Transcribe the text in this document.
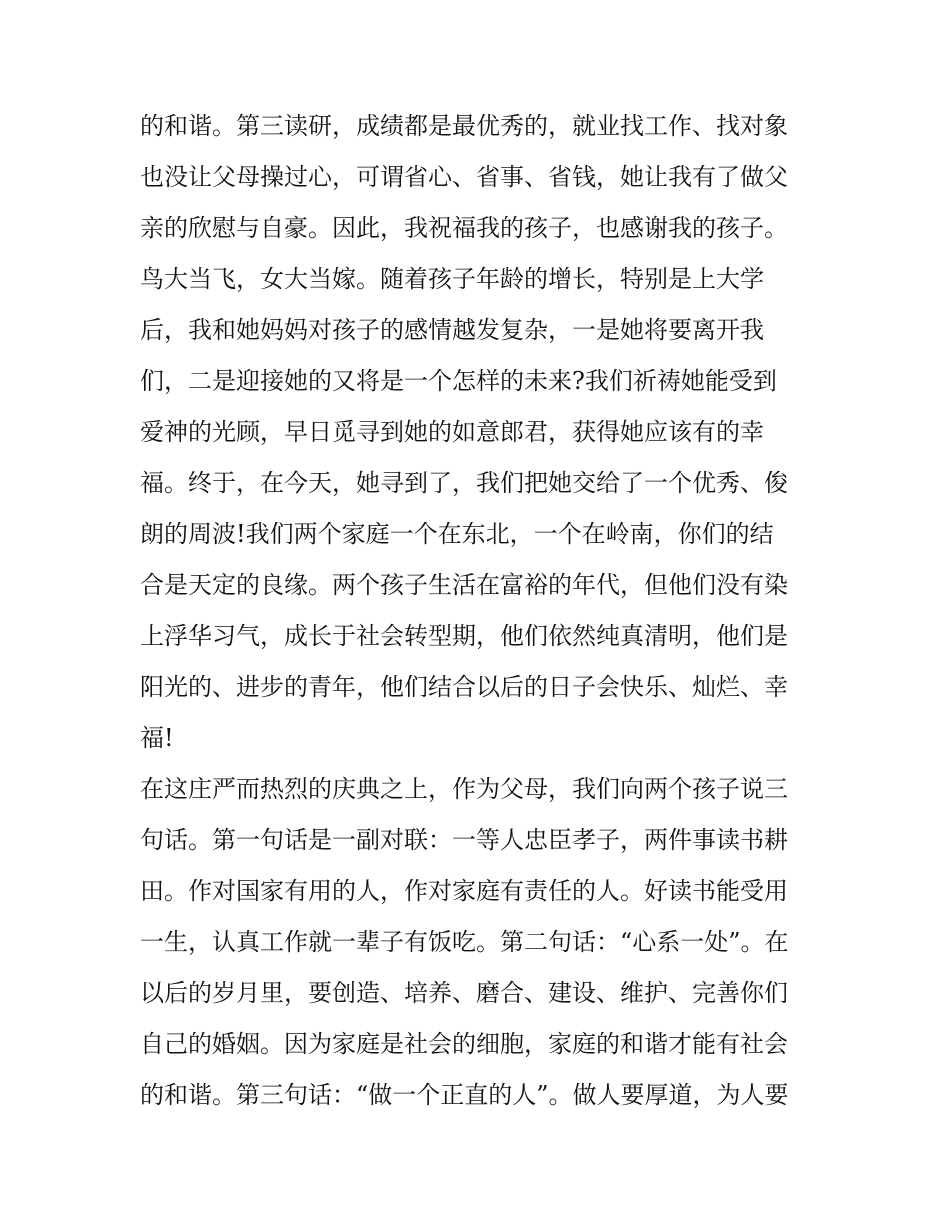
的和谐。第三读研，成绩都是最优秀的，就业找工作、找对象
也没让父母操过心，可谓省心、省事、省钱，她让我有了做父
亲的欣慰与自豪。因此，我祝福我的孩子，也感谢我的孩子。
鸟大当飞，女大当嫁。随着孩子年龄的增长，特别是上大学
后，我和她妈妈对孩子的感情越发复杂，一是她将要离开我
们，二是迎接她的又将是一个怎样的未来?我们祈祷她能受到
爱神的光顾，早日觅寻到她的如意郎君，获得她应该有的幸
福。终于，在今天，她寻到了，我们把她交给了一个优秀、俊
朗的周波!我们两个家庭一个在东北，一个在岭南，你们的结
合是天定的良缘。两个孩子生活在富裕的年代，但他们没有染
上浮华习气，成长于社会转型期，他们依然纯真清明，他们是
阳光的、进步的青年，他们结合以后的日子会快乐、灿烂、幸
福!
在这庄严而热烈的庆典之上，作为父母，我们向两个孩子说三
句话。第一句话是一副对联：一等人忠臣孝子，两件事读书耕
田。作对国家有用的人，作对家庭有责任的人。好读书能受用
一生，认真工作就一辈子有饭吃。第二句话：“心系一处”。在
以后的岁月里，要创造、培养、磨合、建设、维护、完善你们
自己的婚姻。因为家庭是社会的细胞，家庭的和谐才能有社会
的和谐。第三句话：“做一个正直的人”。做人要厚道，为人要
